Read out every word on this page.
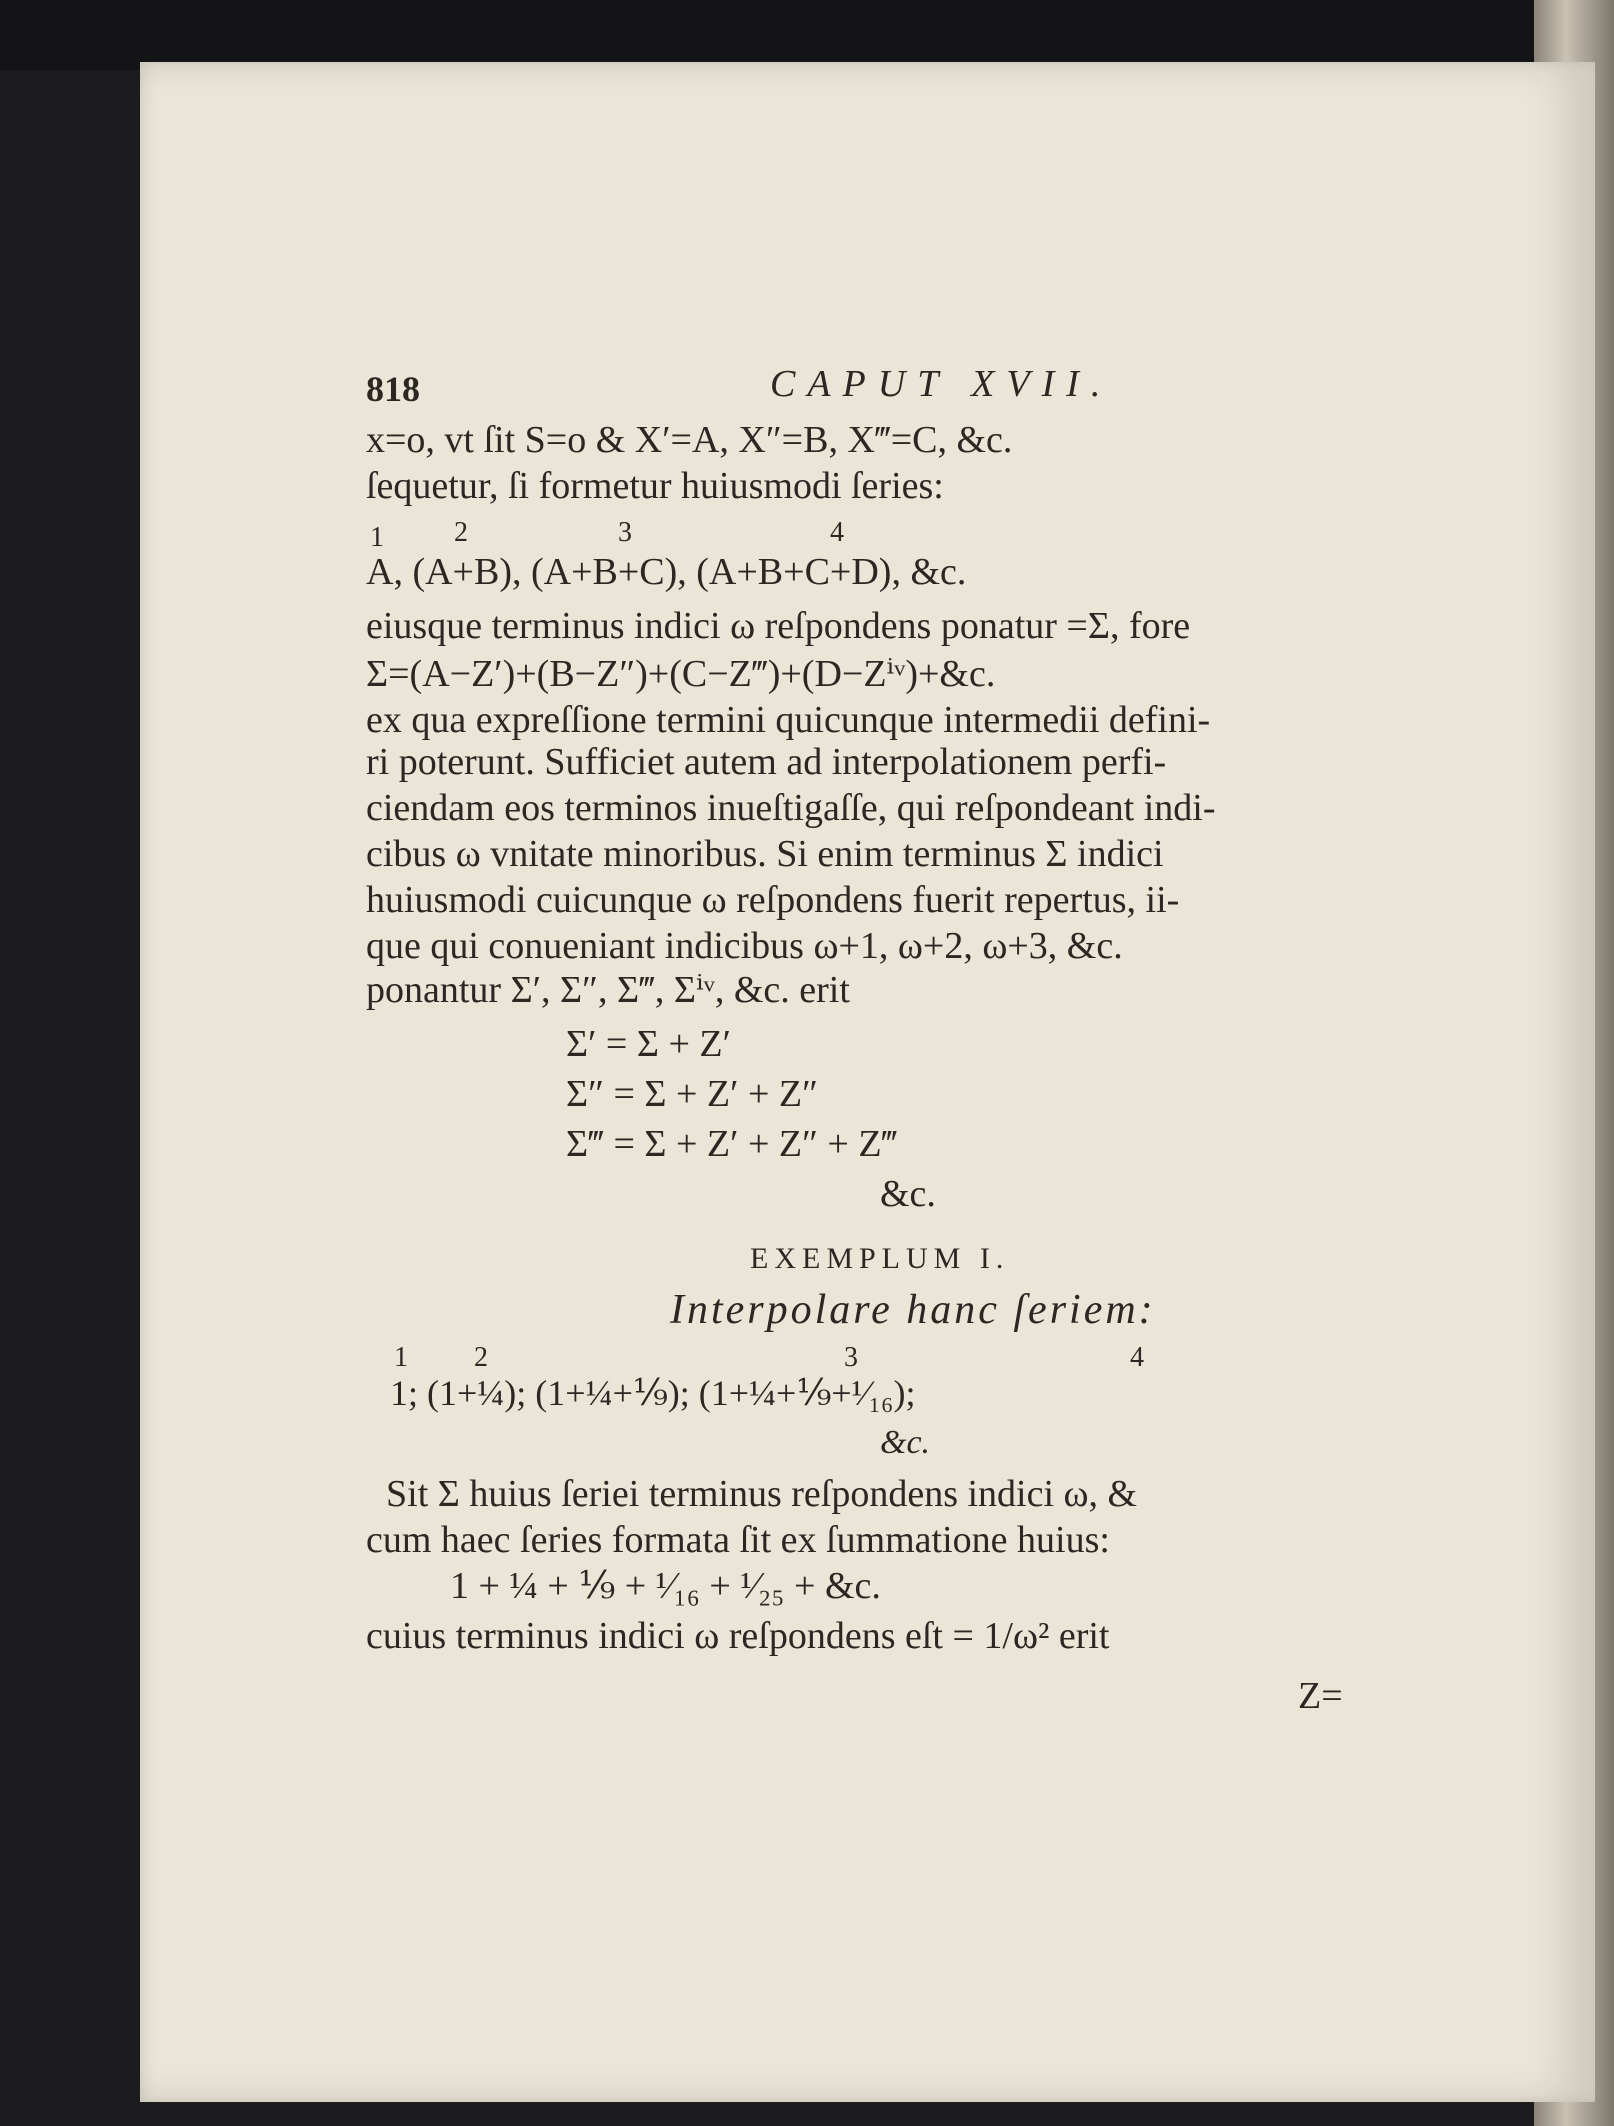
818	CAPUT XVII.
x=o, vt ſit S=o & X′=A, X″=B, X‴=C, &c.
ſequetur, ſi formetur huiusmodi ſeries:
1	2	3	4
A, (A+B), (A+B+C), (A+B+C+D), &c.
eiusque terminus indici ω reſpondens ponatur =Σ, fore
Σ=(A−Z′)+(B−Z″)+(C−Z‴)+(D−Zⁱᵛ)+&c.
ex qua expreſſione termini quicunque intermedii defini-
ri poterunt. Sufficiet autem ad interpolationem perfi-
ciendam eos terminos inueſtigaſſe, qui reſpondeant indi-
cibus ω vnitate minoribus. Si enim terminus Σ indici
huiusmodi cuicunque ω reſpondens fuerit repertus, ii-
que qui conueniant indicibus ω+1, ω+2, ω+3, &c.
ponantur Σ′, Σ″, Σ‴, Σⁱᵛ, &c. erit
Σ′ = Σ + Z′
Σ″ = Σ + Z′ + Z″
Σ‴ = Σ + Z′ + Z″ + Z‴
&c.
EXEMPLUM I.
Interpolare hanc ſeriem:
1 2	3	4
1; (1+¼); (1+¼+⅑); (1+¼+⅑+¹⁄₁₆);
&c.
Sit Σ huius ſeriei terminus reſpondens indici ω, &
cum haec ſeries formata ſit ex ſummatione huius:
1 + ¼ + ⅑ + ¹⁄₁₆ + ¹⁄₂₅ + &c.
cuius terminus indici ω reſpondens eſt = 1/ω² erit
Z=
